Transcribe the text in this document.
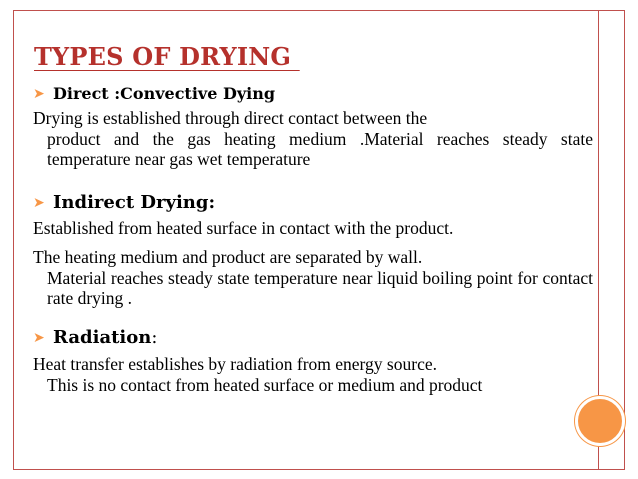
TYPES OF DRYING
➤ Direct :Convective Dying

Drying is established through direct contact between the
product and the gas heating medium .Material reaches steady state temperature near gas wet temperature

➤ Indirect Drying:

Established from heated surface in contact with the product.

The heating medium and product are separated by wall.
Material reaches steady state temperature near liquid boiling point for contact rate drying .

➤ Radiation :

Heat transfer establishes by radiation from energy source.
This is no contact from heated surface or medium and product
